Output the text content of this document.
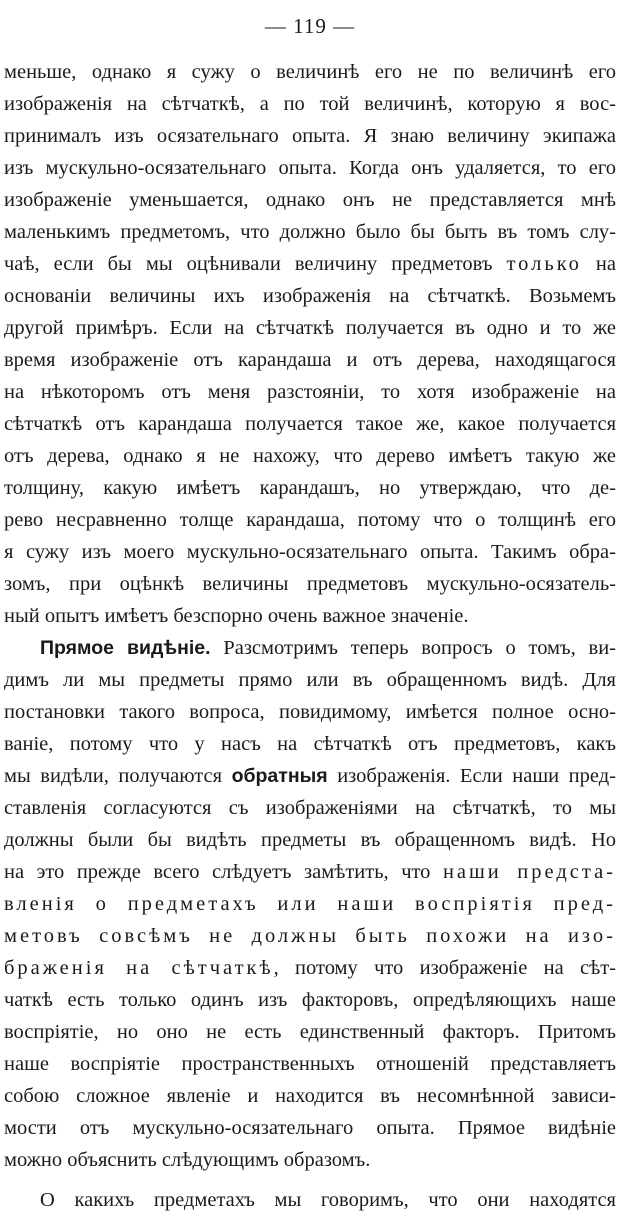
— 119 —
меньше, однако я сужу о величинѣ его не по величинѣ его
изображенія на сѣтчаткѣ, а по той величинѣ, которую я вос-
принималъ изъ осязательнаго опыта. Я знаю величину экипажа
изъ мускульно-осязательнаго опыта. Когда онъ удаляется, то его
изображеніе уменьшается, однако онъ не представляется мнѣ
маленькимъ предметомъ, что должно было бы быть въ томъ слу-
чаѣ, если бы мы оцѣнивали величину предметовъ только на
основаніи величины ихъ изображенія на сѣтчаткѣ. Возьмемъ
другой примѣръ. Если на сѣтчаткѣ получается въ одно и то же
время изображеніе отъ карандаша и отъ дерева, находящагося
на нѣкоторомъ отъ меня разстояніи, то хотя изображеніе на
сѣтчаткѣ отъ карандаша получается такое же, какое получается
отъ дерева, однако я не нахожу, что дерево имѣетъ такую же
толщину, какую имѣетъ карандашъ, но утверждаю, что де-
рево несравненно толще карандаша, потому что о толщинѣ его
я сужу изъ моего мускульно-осязательнаго опыта. Такимъ обра-
зомъ, при оцѣнкѣ величины предметовъ мускульно-осязатель-
ный опытъ имѣетъ безспорно очень важное значеніе.
Прямое видѣніе. Разсмотримъ теперь вопросъ о томъ, ви-
димъ ли мы предметы прямо или въ обращенномъ видѣ. Для
постановки такого вопроса, повидимому, имѣется полное осно-
ваніе, потому что у насъ на сѣтчаткѣ отъ предметовъ, какъ
мы видѣли, получаются обратныя изображенія. Если наши пред-
ставленія согласуются съ изображеніями на сѣтчаткѣ, то мы
должны были бы видѣть предметы въ обращенномъ видѣ. Но
на это прежде всего слѣдуетъ замѣтить, что наши предста-
вленія о предметахъ или наши воспріятія пред-
метовъ совсѣмъ не должны быть похожи на изо-
браженія на сѣтчаткѣ, потому что изображеніе на сѣт-
чаткѣ есть только одинъ изъ факторовъ, опредѣляющихъ наше
воспріятіе, но оно не есть единственный факторъ. Притомъ
наше воспріятіе пространственныхъ отношеній представляетъ
собою сложное явленіе и находится въ несомнѣнной зависи-
мости отъ мускульно-осязательнаго опыта. Прямое видѣніе
можно объяснить слѣдующимъ образомъ.
О какихъ предметахъ мы говоримъ, что они находятся
